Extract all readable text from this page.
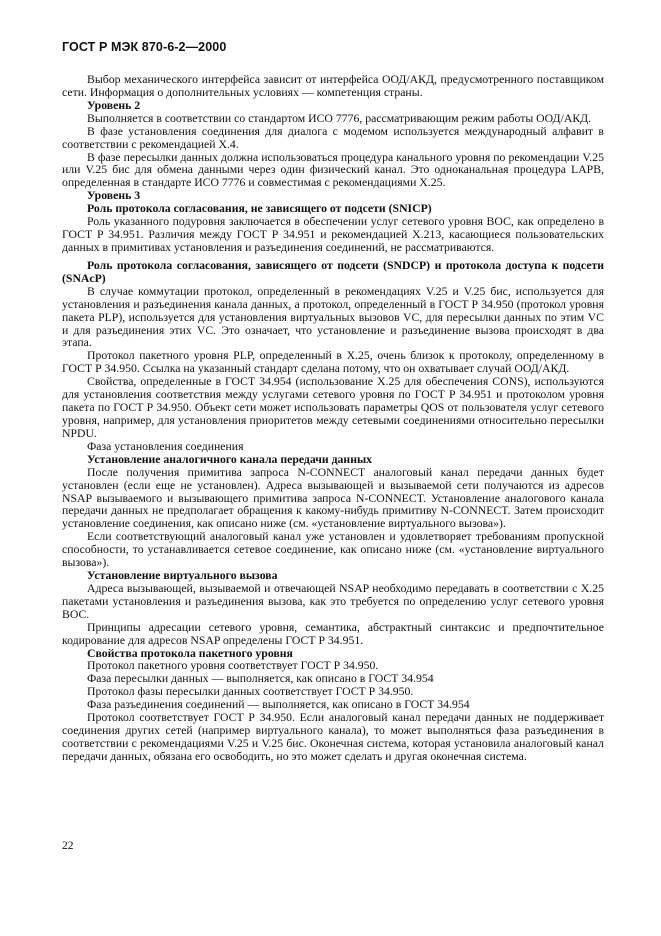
ГОСТ Р МЭК 870-6-2—2000

Выбор механического интерфейса зависит от интерфейса ООД/АКД, предусмотренного поставщиком сети. Информация о дополнительных условиях — компетенция страны.

Уровень 2

Выполняется в соответствии со стандартом ИСО 7776, рассматривающим режим работы ООД/АКД.

В фазе установления соединения для диалога с модемом используется международный алфавит в соответствии с рекомендацией Х.4.

В фазе пересылки данных должна использоваться процедура канального уровня по рекомендации V.25 или V.25 бис для обмена данными через один физический канал. Это одноканальная процедура LAPB, определенная в стандарте ИСО 7776 и совместимая с рекомендациями Х.25.

Уровень 3

Роль протокола согласования, не зависящего от подсети (SNICP)

Роль указанного подуровня заключается в обеспечении услуг сетевого уровня ВОС, как определено в ГОСТ Р 34.951. Различия между ГОСТ Р 34.951 и рекомендацией Х.213, касающиеся пользовательских данных в примитивах установления и разъединения соединений, не рассматриваются.

Роль протокола согласования, зависящего от подсети (SNDCP) и протокола доступа к подсети (SNAcP)

В случае коммутации протокол, определенный в рекомендациях V.25 и V.25 бис, используется для установления и разъединения канала данных, а протокол, определенный в ГОСТ Р 34.950 (протокол уровня пакета PLP), используется для установления виртуальных вызовов VC, для пересылки данных по этим VC и для разъединения этих VC. Это означает, что установление и разъединение вызова происходят в два этапа.

Протокол пакетного уровня PLP, определенный в Х.25, очень близок к протоколу, определенному в ГОСТ Р 34.950. Ссылка на указанный стандарт сделана потому, что он охватывает случай ООД/АКД.

Свойства, определенные в ГОСТ 34.954 (использование Х.25 для обеспечения CONS), используются для установления соответствия между услугами сетевого уровня по ГОСТ Р 34.951 и протоколом уровня пакета по ГОСТ Р 34.950. Объект сети может использовать параметры QOS от пользователя услуг сетевого уровня, например, для установления приоритетов между сетевыми соединениями относительно пересылки NPDU.

Фаза установления соединения

Установление аналогичного канала передачи данных

После получения примитива запроса N-CONNECT аналоговый канал передачи данных будет установлен (если еще не установлен). Адреса вызывающей и вызываемой сети получаются из адресов NSAP вызываемого и вызывающего примитива запроса N-CONNECT. Установление аналогового канала передачи данных не предполагает обращения к какому-нибудь примитиву N-CONNECT. Затем происходит установление соединения, как описано ниже (см. «установление виртуального вызова»).

Если соответствующий аналоговый канал уже установлен и удовлетворяет требованиям пропускной способности, то устанавливается сетевое соединение, как описано ниже (см. «установление виртуального вызова»).

Установление виртуального вызова

Адреса вызывающей, вызываемой и отвечающей NSAP необходимо передавать в соответствии с Х.25 пакетами установления и разъединения вызова, как это требуется по определению услуг сетевого уровня ВОС.

Принципы адресации сетевого уровня, семантика, абстрактный синтаксис и предпочтительное кодирование для адресов NSAP определены ГОСТ Р 34.951.

Свойства протокола пакетного уровня

Протокол пакетного уровня соответствует ГОСТ Р 34.950.

Фаза пересылки данных — выполняется, как описано в ГОСТ 34.954

Протокол фазы пересылки данных соответствует ГОСТ Р 34.950.

Фаза разъединения соединений — выполняется, как описано в ГОСТ 34.954

Протокол соответствует ГОСТ Р 34.950. Если аналоговый канал передачи данных не поддерживает соединения других сетей (например виртуального канала), то может выполняться фаза разъединения в соответствии с рекомендациями V.25 и V.25 бис. Оконечная система, которая установила аналоговый канал передачи данных, обязана его освободить, но это может сделать и другая оконечная система.

22
